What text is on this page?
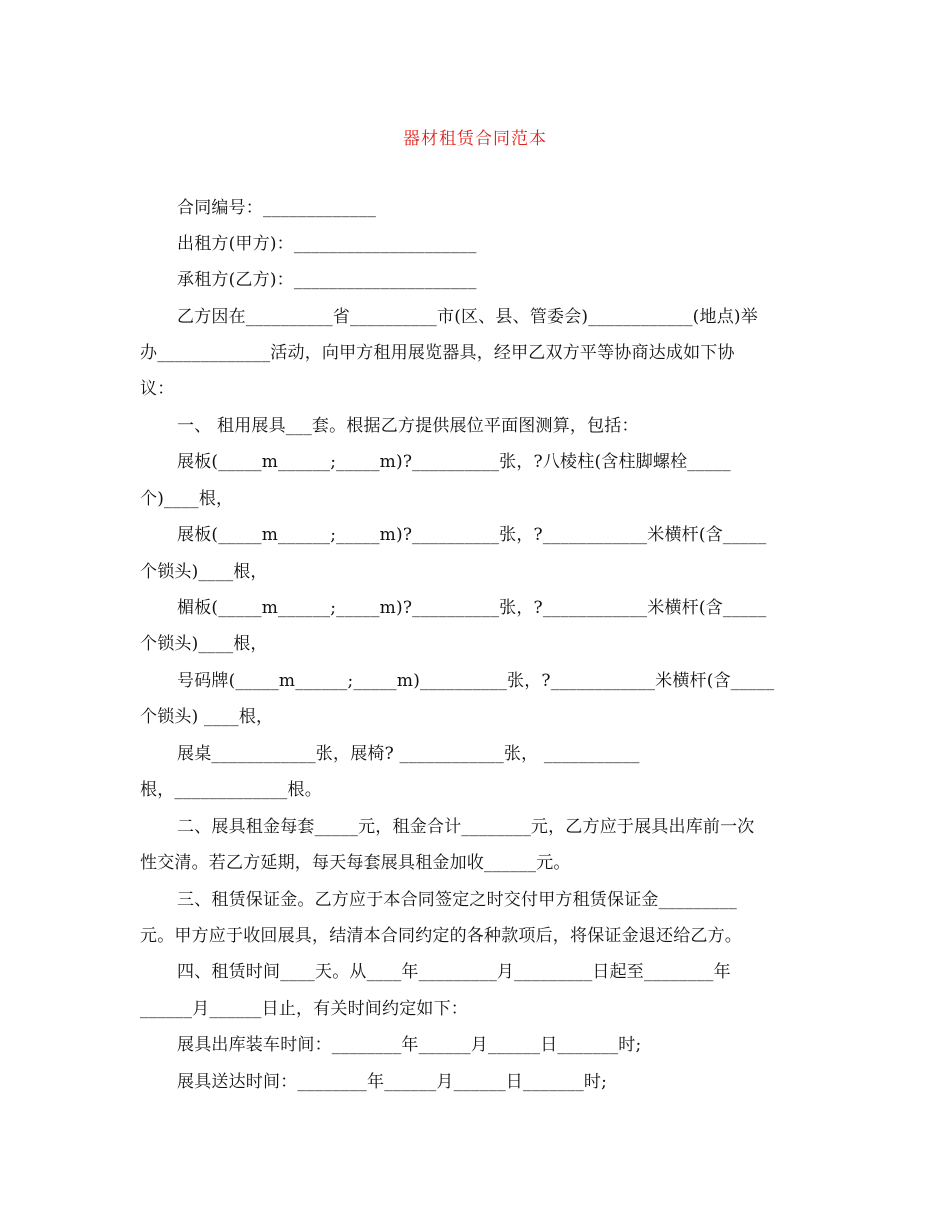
器材租赁合同范本
合同编号：_____________
出租方(甲方)：_____________________
承租方(乙方)：_____________________
乙方因在__________省__________市(区、县、管委会)____________(地点)举
办_____________活动，向甲方租用展览器具，经甲乙双方平等协商达成如下协
议：
一、 租用展具___套。根据乙方提供展位平面图测算，包括：
展板(_____m______;_____m)?__________张，?八棱柱(含柱脚螺栓_____
个)____根，
展板(_____m______;_____m)?__________张，?____________米横杆(含_____
个锁头)____根，
楣板(_____m______;_____m)?__________张，?____________米横杆(含_____
个锁头)____根，
号码牌(_____m______;_____m)__________张，?____________米横杆(含_____
个锁头) ____根，
展桌____________张，展椅? ____________张， ___________
根，_____________根。
二、展具租金每套_____元，租金合计________元，乙方应于展具出库前一次
性交清。若乙方延期，每天每套展具租金加收______元。
三、租赁保证金。乙方应于本合同签定之时交付甲方租赁保证金_________
元。甲方应于收回展具，结清本合同约定的各种款项后，将保证金退还给乙方。
四、租赁时间____天。从____年_________月_________日起至________年
______月______日止，有关时间约定如下：
展具出库装车时间：________年______月______日_______时;
展具送达时间：________年______月______日_______时;
